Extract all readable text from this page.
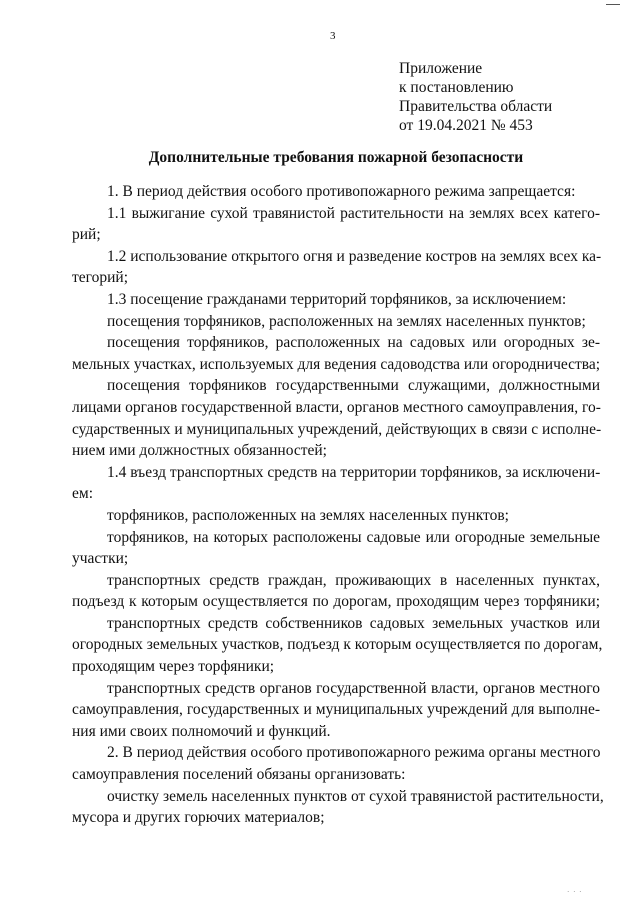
3
Приложение
к постановлению
Правительства области
от 19.04.2021 № 453
Дополнительные требования пожарной безопасности
1. В период действия особого противопожарного режима запрещается:
1.1 выжигание сухой травянистой растительности на землях всех катего-
рий;
1.2 использование открытого огня и разведение костров на землях всех ка-
тегорий;
1.3 посещение гражданами территорий торфяников, за исключением:
посещения торфяников, расположенных на землях населенных пунктов;
посещения торфяников, расположенных на садовых или огородных зе-
мельных участках, используемых для ведения садоводства или огородничества;
посещения торфяников государственными служащими, должностными
лицами органов государственной власти, органов местного самоуправления, го-
сударственных и муниципальных учреждений, действующих в связи с исполне-
нием ими должностных обязанностей;
1.4 въезд транспортных средств на территории торфяников, за исключени-
ем:
торфяников, расположенных на землях населенных пунктов;
торфяников, на которых расположены садовые или огородные земельные
участки;
транспортных средств граждан, проживающих в населенных пунктах,
подъезд к которым осуществляется по дорогам, проходящим через торфяники;
транспортных средств собственников садовых земельных участков или
огородных земельных участков, подъезд к которым осуществляется по дорогам,
проходящим через торфяники;
транспортных средств органов государственной власти, органов местного
самоуправления, государственных и муниципальных учреждений для выполне-
ния ими своих полномочий и функций.
2. В период действия особого противопожарного режима органы местного
самоуправления поселений обязаны организовать:
очистку земель населенных пунктов от сухой травянистой растительности,
мусора и других горючих материалов;
· · ·
